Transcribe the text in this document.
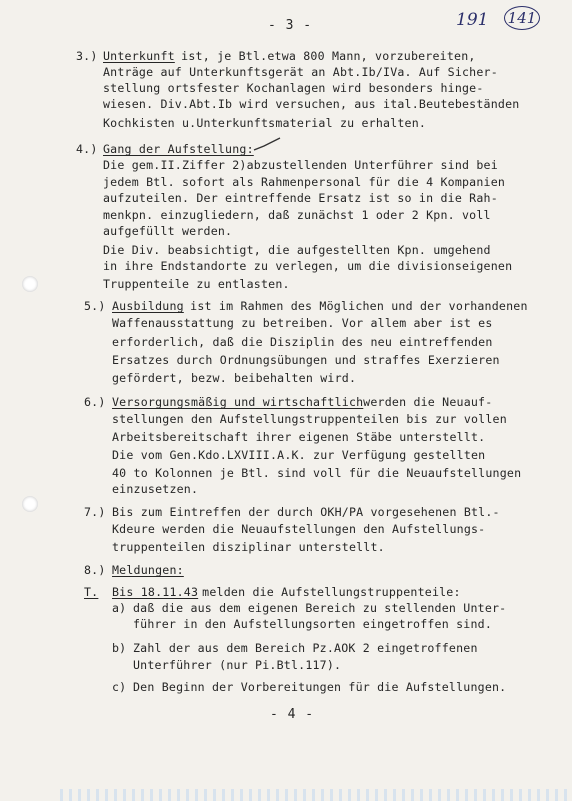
- 3 -	191 141
3.) Unterkunft ist, je Btl.etwa 800 Mann, vorzubereiten,
Anträge auf Unterkunftsgerät an Abt.Ib/IVa. Auf Sicher-
stellung ortsfester Kochanlagen wird besonders hinge-
wiesen. Div.Abt.Ib wird versuchen, aus ital.Beutebeständen
Kochkisten u.Unterkunftsmaterial zu erhalten.
4.) Gang der Aufstellung:
Die gem.II.Ziffer 2)abzustellenden Unterführer sind bei
jedem Btl. sofort als Rahmenpersonal für die 4 Kompanien
aufzuteilen. Der eintreffende Ersatz ist so in die Rah-
menkpn. einzugliedern, daß zunächst 1 oder 2 Kpn. voll
aufgefüllt werden.
Die Div. beabsichtigt, die aufgestellten Kpn. umgehend
in ihre Endstandorte zu verlegen, um die divisionseigenen
Truppenteile zu entlasten.
5.) Ausbildung ist im Rahmen des Möglichen und der vorhandenen
Waffenausstattung zu betreiben. Vor allem aber ist es
erforderlich, daß die Disziplin des neu eintreffenden
Ersatzes durch Ordnungsübungen und straffes Exerzieren
gefördert, bezw. beibehalten wird.
6.) Versorgungsmäßig und wirtschaftlich
werden die Neuauf-
stellungen den Aufstellungstruppenteilen bis zur vollen
Arbeitsbereitschaft ihrer eigenen Stäbe unterstellt.
Die vom Gen.Kdo.LXVIII.A.K. zur Verfügung gestellten
40 to Kolonnen je Btl. sind voll für die Neuaufstellungen
einzusetzen.
7.) Bis zum Eintreffen der durch OKH/PA vorgesehenen Btl.-
Kdeure werden die Neuaufstellungen den Aufstellungs-
truppenteilen disziplinar unterstellt.
8.) Meldungen:
T. Bis 18.11.43
melden die Aufstellungstruppenteile:
a) daß die aus dem eigenen Bereich zu stellenden Unter-
führer in den Aufstellungsorten eingetroffen sind.
b) Zahl der aus dem Bereich Pz.AOK 2 eingetroffenen
Unterführer (nur Pi.Btl.117).
c) Den Beginn der Vorbereitungen für die Aufstellungen.
- 4 -
